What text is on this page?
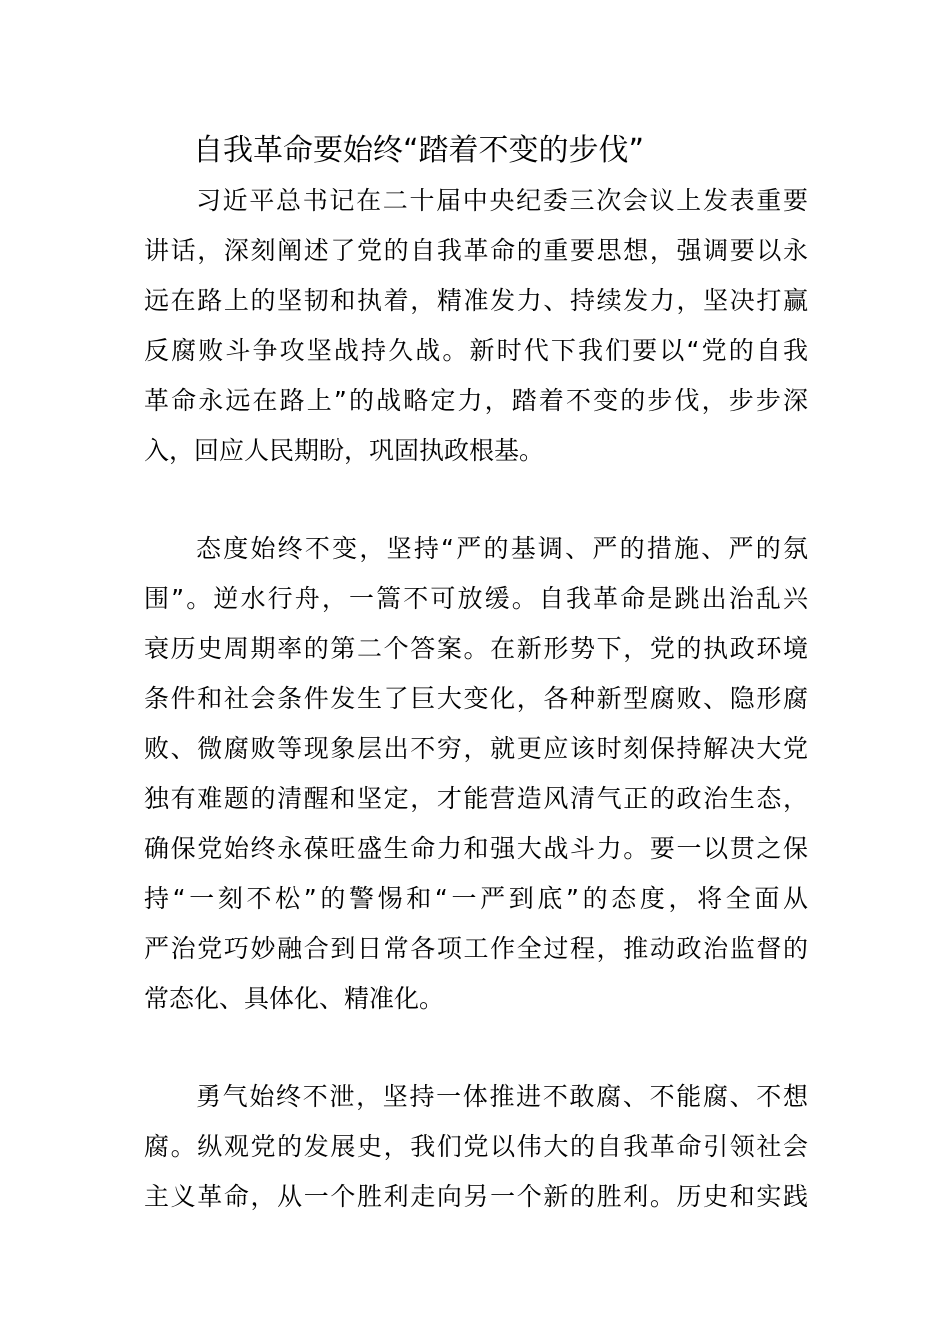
自我革命要始终“踏着不变的步伐”
习近平总书记在二十届中央纪委三次会议上发表重要
讲话，深刻阐述了党的自我革命的重要思想，强调要以永
远在路上的坚韧和执着，精准发力、持续发力，坚决打赢
反腐败斗争攻坚战持久战。新时代下我们要以“党的自我
革命永远在路上”的战略定力，踏着不变的步伐，步步深
入，回应人民期盼，巩固执政根基。
态度始终不变，坚持“严的基调、严的措施、严的氛
围”。逆水行舟，一篙不可放缓。自我革命是跳出治乱兴
衰历史周期率的第二个答案。在新形势下，党的执政环境
条件和社会条件发生了巨大变化，各种新型腐败、隐形腐
败、微腐败等现象层出不穷，就更应该时刻保持解决大党
独有难题的清醒和坚定，才能营造风清气正的政治生态，
确保党始终永葆旺盛生命力和强大战斗力。要一以贯之保
持“一刻不松”的警惕和“一严到底”的态度，将全面从
严治党巧妙融合到日常各项工作全过程，推动政治监督的
常态化、具体化、精准化。
勇气始终不泄，坚持一体推进不敢腐、不能腐、不想
腐。纵观党的发展史，我们党以伟大的自我革命引领社会
主义革命，从一个胜利走向另一个新的胜利。历史和实践
